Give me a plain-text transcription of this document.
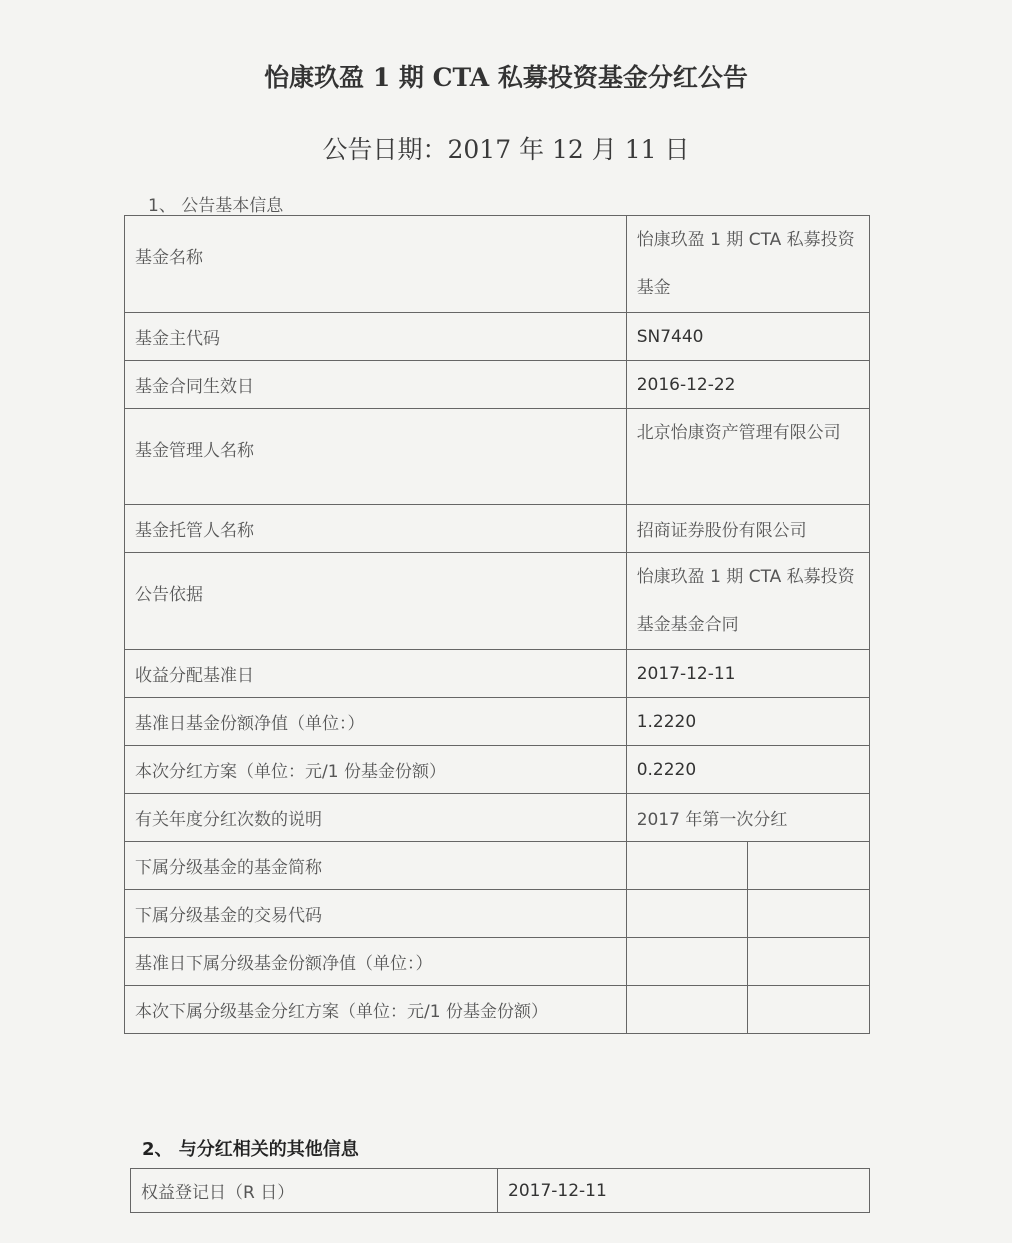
怡康玖盈 1 期 CTA 私募投资基金分红公告
公告日期：2017 年 12 月 11 日
1、 公告基本信息
基金名称	怡康玖盈 1 期 CTA 私募投资基金	
基金主代码	SN7440	
基金合同生效日	2016-12-22	
基金管理人名称	北京怡康资产管理有限公司	
基金托管人名称	招商证券股份有限公司	
公告依据	怡康玖盈 1 期 CTA 私募投资基金基金合同	
收益分配基准日	2017-12-11	
基准日基金份额净值（单位：）	1.2220	
本次分红方案（单位：元/1 份基金份额）	0.2220	
有关年度分红次数的说明	2017 年第一次分红	
下属分级基金的基金简称		
下属分级基金的交易代码		
基准日下属分级基金份额净值（单位：）		
本次下属分级基金分红方案（单位：元/1 份基金份额）		
2、 与分红相关的其他信息
权益登记日（R 日）	2017-12-11
